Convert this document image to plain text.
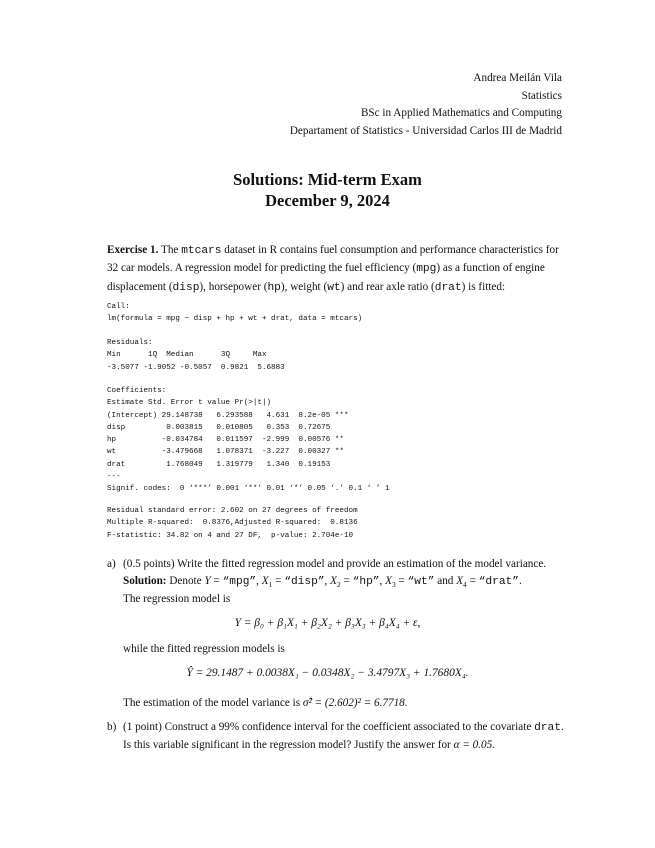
Andrea Meilán Vila
Statistics
BSc in Applied Mathematics and Computing
Departament of Statistics - Universidad Carlos III de Madrid
Solutions: Mid-term Exam
December 9, 2024
Exercise 1. The mtcars dataset in R contains fuel consumption and performance characteristics for 32 car models. A regression model for predicting the fuel efficiency (mpg) as a function of engine displacement (disp), horsepower (hp), weight (wt) and rear axle ratio (drat) is fitted:
Call:
lm(formula = mpg ~ disp + hp + wt + drat, data = mtcars)
Residuals:
Min      1Q  Median      3Q     Max
-3.5077 -1.9052 -0.5057  0.9821  5.6883
Coefficients:
Estimate Std. Error t value Pr(>|t|)
(Intercept) 29.148738   6.293588   4.631  8.2e-05 ***
disp         0.003815   0.010805   0.353  0.72675
hp          -0.034784   0.011597  -2.999  0.00576 **
wt          -3.479668   1.078371  -3.227  0.00327 **
drat         1.768049   1.319779   1.340  0.19153
---
Signif. codes:  0 ‘***’ 0.001 ‘**’ 0.01 ‘*’ 0.05 ‘.’ 0.1 ‘ ’ 1
Residual standard error: 2.602 on 27 degrees of freedom
Multiple R-squared:  0.8376,Adjusted R-squared:  0.8136
F-statistic: 34.82 on 4 and 27 DF,  p-value: 2.704e-10
a) (0.5 points) Write the fitted regression model and provide an estimation of the model variance.
Solution: Denote Y = “mpg”, $X_1$ = “disp”, $X_2$ = “hp”, $X_3$ = “wt” and $X_4$ = “drat”.
The regression model is
Y = β₀ + β₁X₁ + β₂X₂ + β₃X₃ + β₄X₄ + ε,
while the fitted regression models is
Ŷ = 29.1487 + 0.0038X₁ − 0.0348X₂ − 3.4797X₃ + 1.7680X₄.
The estimation of the model variance is σ̂² = (2.602)² = 6.7718.
b) (1 point) Construct a 99% confidence interval for the coefficient associated to the covariate drat. Is this variable significant in the regression model? Justify the answer for α = 0.05.
